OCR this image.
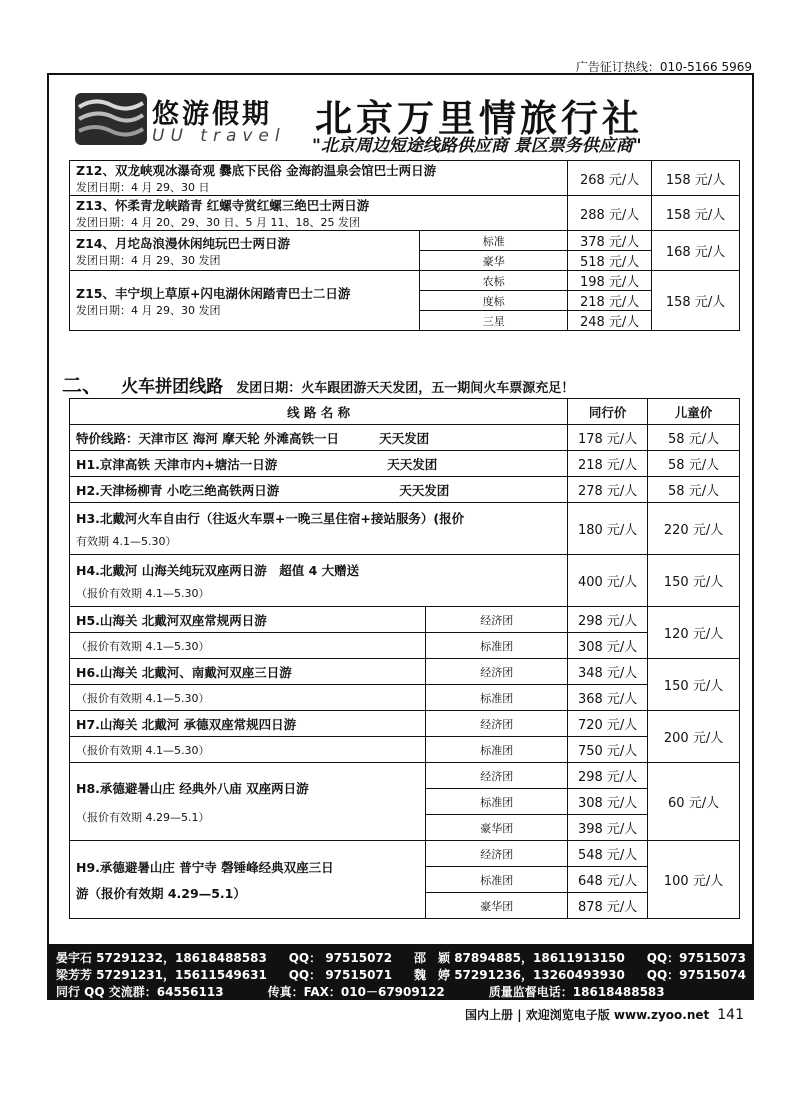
广告征订热线：010-5166 5969
悠游假期
UU travel 北京万里情旅行社
"北京周边短途线路供应商 景区票务供应商"
Z12、双龙峡观冰瀑奇观 爨底下民俗 金海韵温泉会馆巴士两日游
发团日期：4 月 29、30 日		268 元/人	158 元/人

Z13、怀柔青龙峡踏青 红螺寺赏红螺三绝巴士两日游
发团日期：4 月 20、29、30 日、5 月 11、18、25 发团		288 元/人	158 元/人

Z14、月坨岛浪漫休闲纯玩巴士两日游
发团日期：4 月 29、30 发团	标准	378 元/人	168 元/人
	豪华	518 元/人	

Z15、丰宁坝上草原+闪电湖休闲踏青巴士二日游
发团日期：4 月 29、30 发团	农标	198 元/人	158 元/人
	度标	218 元/人	
	三星	248 元/人	
二、 火车拼团线路 发团日期：火车跟团游天天发团，五一期间火车票源充足！
线 路 名 称		同行价	儿童价
特价线路：天津市区 海河 摩天轮 外滩高铁一日 天天发团		178 元/人	58 元/人
H1.京津高铁 天津市内+塘沽一日游 天天发团		218 元/人	58 元/人
H2.天津杨柳青 小吃三绝高铁两日游 天天发团		278 元/人	58 元/人

H3.北戴河火车自由行（往返火车票+一晚三星住宿+接站服务）(报价
有效期 4.1—5.30）		180 元/人	220 元/人

H4.北戴河 山海关纯玩双座两日游　超值 4 大赠送
（报价有效期 4.1—5.30）		400 元/人	150 元/人
H5.山海关 北戴河双座常规两日游	经济团	298 元/人	120 元/人
（报价有效期 4.1—5.30）	标准团	308 元/人	
H6.山海关 北戴河、南戴河双座三日游	经济团	348 元/人	150 元/人
（报价有效期 4.1—5.30）	标准团	368 元/人	
H7.山海关 北戴河 承德双座常规四日游	经济团	720 元/人	200 元/人
（报价有效期 4.1—5.30）	标准团	750 元/人	

H8.承德避暑山庄 经典外八庙 双座两日游
（报价有效期 4.29—5.1）	经济团	298 元/人	60 元/人
	标准团	308 元/人	
	豪华团	398 元/人	

H9.承德避暑山庄 普宁寺 磬锤峰经典双座三日
游（报价有效期 4.29—5.1）	经济团	548 元/人	100 元/人
	标准团	648 元/人	
	豪华团	878 元/人	
晏宇石 57291232，18618488583 QQ： 97515072 邵　颖 87894885，18611913150 QQ：97515073
梁芳芳 57291231，15611549631 QQ： 97515071 魏　婷 57291236，13260493930 QQ：97515074
同行 QQ 交流群：64556113	传真：FAX：010－67909122	质量监督电话：18618488583
国内上册 | 欢迎浏览电子版 www.zyoo.net 141
